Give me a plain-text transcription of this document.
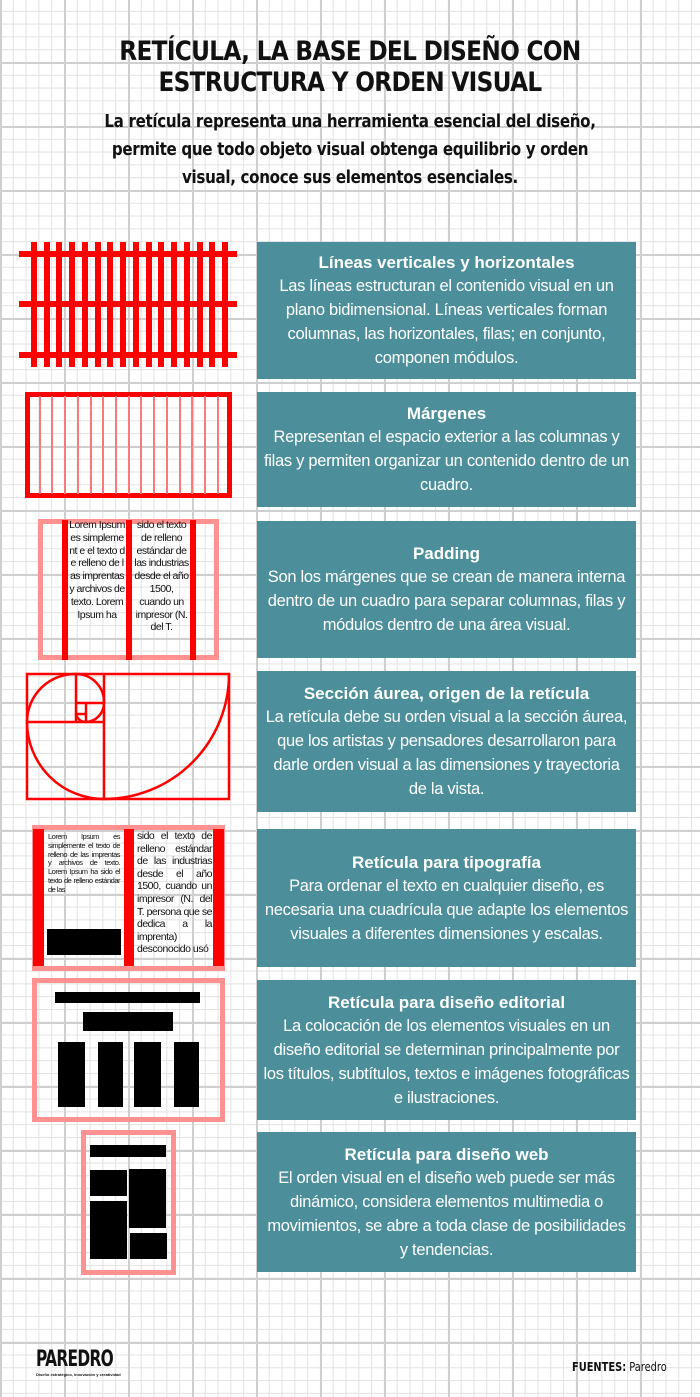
RETÍCULA, LA BASE DEL DISEÑO CON
ESTRUCTURA Y ORDEN VISUAL
La retícula representa una herramienta esencial del diseño,
permite que todo objeto visual obtenga equilibrio y orden
visual, conoce sus elementos esenciales.
Lorem Ipsum es simplement e el texto de relleno de las imprentas y archivos de texto. Lorem Ipsum ha
sido el texto de relleno estándar de las industrias desde el año 1500, cuando un impresor (N. del T.
Lorem Ipsum es simplemente el texto de relleno de las imprentas y archivos de texto. Lorem Ipsum ha sido el texto de relleno estándar de las
sido el texto de relleno estándar de las industrias desde el año 1500, cuando un impresor (N. del T. persona que se dedica a la imprenta) desconocido usó
Líneas verticales y horizontales

Las líneas estructuran el contenido visual en un plano bidimensional. Líneas verticales forman columnas, las horizontales, filas; en conjunto, componen módulos.

Márgenes

Representan el espacio exterior a las columnas y filas y permiten organizar un contenido dentro de un cuadro.

Padding

Son los márgenes que se crean de manera interna dentro de un cuadro para separar columnas, filas y módulos dentro de una área visual.

Sección áurea, origen de la retícula

La retícula debe su orden visual a la sección áurea, que los artistas y pensadores desarrollaron para darle orden visual a las dimensiones y trayectoria de la vista.

Retícula para tipografía

Para ordenar el texto en cualquier diseño, es necesaria una cuadrícula que adapte los elementos visuales a diferentes dimensiones y escalas.

Retícula para diseño editorial

La colocación de los elementos visuales en un diseño editorial se determinan principalmente por los títulos, subtítulos, textos e imágenes fotográficas e ilustraciones.

Retícula para diseño web

El orden visual en el diseño web puede ser más dinámico, considera elementos multimedia o movimientos, se abre a toda clase de posibilidades y tendencias.

PAREDRO
Diseño estratégico, innovación y creatividad
FUENTES: Paredro
